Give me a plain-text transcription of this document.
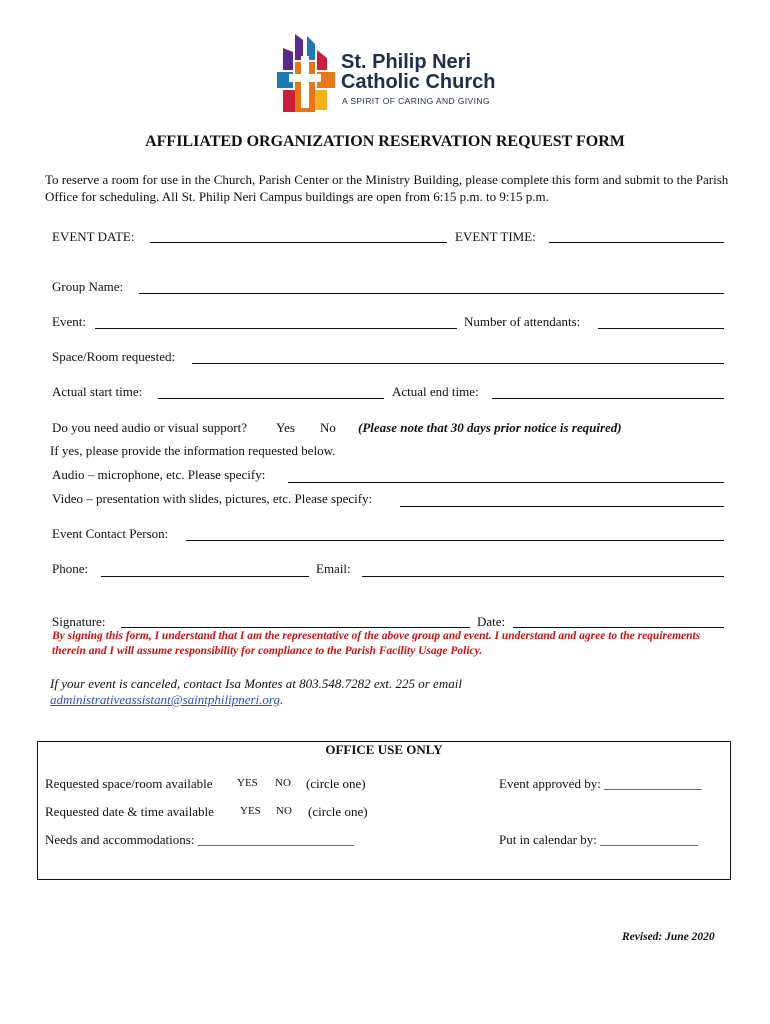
St. Philip Neri
Catholic Church
A SPIRIT OF CARING AND GIVING
AFFILIATED ORGANIZATION RESERVATION REQUEST FORM
To reserve a room for use in the Church, Parish Center or the Ministry Building, please complete this form and submit to the Parish Office for scheduling. All St. Philip Neri Campus buildings are open from 6:15 p.m. to 9:15 p.m.
EVENT DATE:	EVENT TIME:
Group Name:
Event:	Number of attendants:
Space/Room requested:
Actual start time:	Actual end time:
Do you need audio or visual support? Yes No (Please note that 30 days prior notice is required)
If yes, please provide the information requested below.
Audio – microphone, etc. Please specify:
Video – presentation with slides, pictures, etc. Please specify:
Event Contact Person:
Phone:	Email:
Signature:	Date:
By signing this form, I understand that I am the representative of the above group and event. I understand and agree to the requirements therein and I will assume responsibility for compliance to the Parish Facility Usage Policy.
If your event is canceled, contact Isa Montes at 803.548.7282 ext. 225 or email
administrativeassistant@saintphilipneri.org.
OFFICE USE ONLY
Requested space/room available YES NO (circle one)	Event approved by: _______________
Requested date & time available YES NO (circle one)
Needs and accommodations: ________________________	Put in calendar by: _______________
Revised: June 2020
